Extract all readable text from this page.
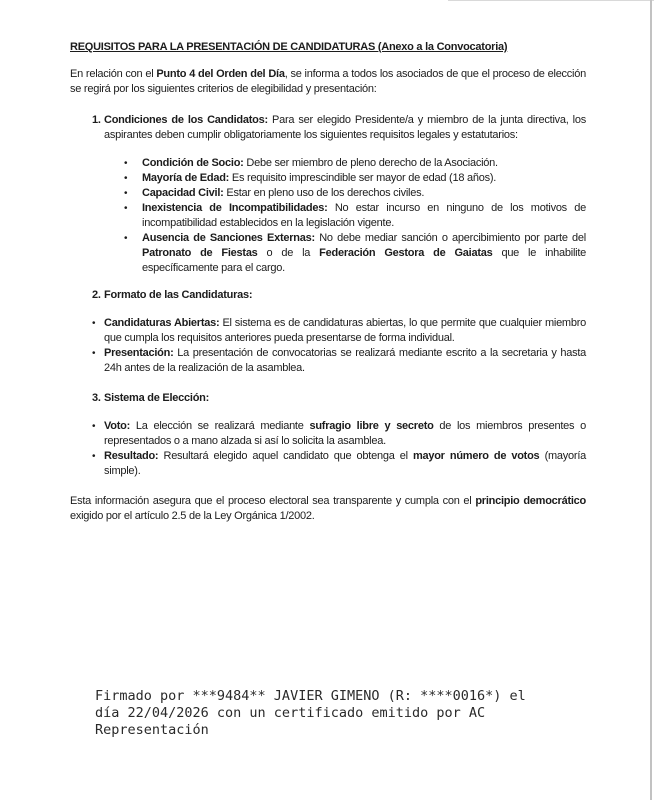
REQUISITOS PARA LA PRESENTACIÓN DE CANDIDATURAS (Anexo a la Convocatoria)
En relación con el Punto 4 del Orden del Día, se informa a todos los asociados de que el proceso de elección se regirá por los siguientes criterios de elegibilidad y presentación:
1. Condiciones de los Candidatos: Para ser elegido Presidente/a y miembro de la junta directiva, los aspirantes deben cumplir obligatoriamente los siguientes requisitos legales y estatutarios:
•	Condición de Socio: Debe ser miembro de pleno derecho de la Asociación.
•	Mayoría de Edad: Es requisito imprescindible ser mayor de edad (18 años).
•	Capacidad Civil: Estar en pleno uso de los derechos civiles.
•	Inexistencia de Incompatibilidades: No estar incurso en ninguno de los motivos de incompatibilidad establecidos en la legislación vigente.
•	Ausencia de Sanciones Externas: No debe mediar sanción o apercibimiento por parte del Patronato de Fiestas o de la Federación Gestora de Gaiatas que le inhabilite específicamente para el cargo.
2. Formato de las Candidaturas:
• Candidaturas Abiertas: El sistema es de candidaturas abiertas, lo que permite que cualquier miembro que cumpla los requisitos anteriores pueda presentarse de forma individual.
• Presentación: La presentación de convocatorias se realizará mediante escrito a la secretaria y hasta 24h antes de la realización de la asamblea.
3. Sistema de Elección:
• Voto: La elección se realizará mediante sufragio libre y secreto de los miembros presentes o representados o a mano alzada si así lo solicita la asamblea.
• Resultado: Resultará elegido aquel candidato que obtenga el mayor número de votos (mayoría simple).
Esta información asegura que el proceso electoral sea transparente y cumpla con el principio democrático exigido por el artículo 2.5 de la Ley Orgánica 1/2002.
Firmado por ***9484** JAVIER GIMENO (R: ****0016*) el
día 22/04/2026 con un certificado emitido por AC
Representación
